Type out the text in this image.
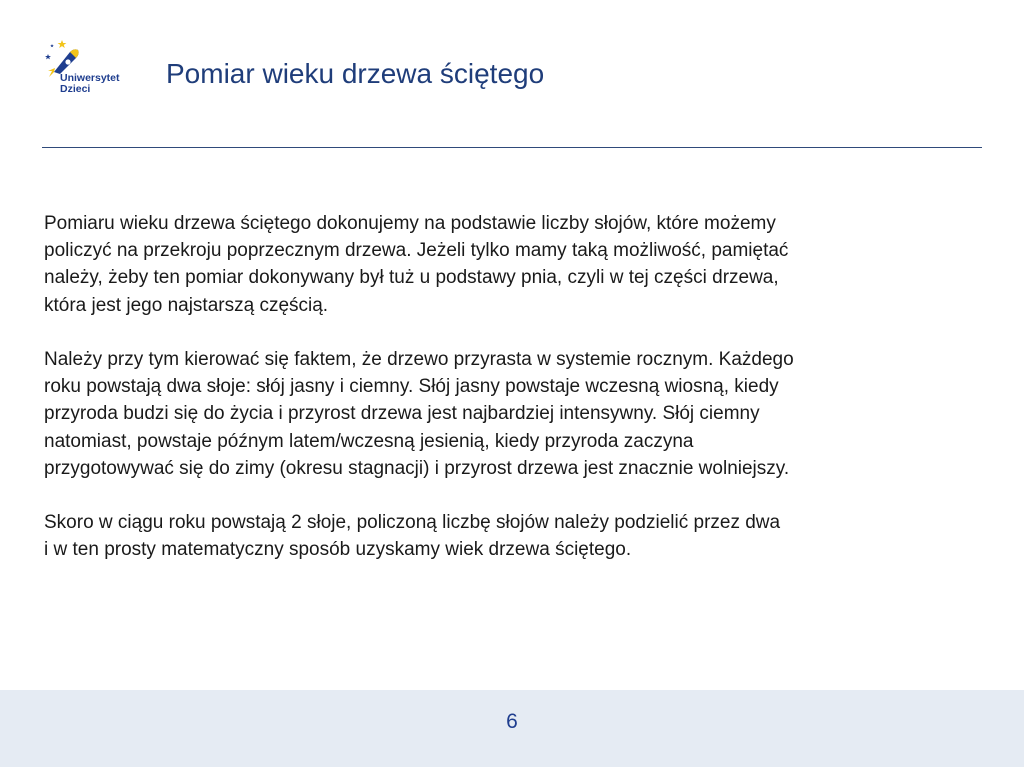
Uniwersytet
Dzieci	Pomiar wieku drzewa ściętego

Pomiaru wieku drzewa ściętego dokonujemy na podstawie liczby słojów, które możemy
policzyć na przekroju poprzecznym drzewa. Jeżeli tylko mamy taką możliwość, pamiętać
należy, żeby ten pomiar dokonywany był tuż u podstawy pnia, czyli w tej części drzewa,
która jest jego najstarszą częścią.

Należy przy tym kierować się faktem, że drzewo przyrasta w systemie rocznym. Każdego
roku powstają dwa słoje: słój jasny i ciemny. Słój jasny powstaje wczesną wiosną, kiedy
przyroda budzi się do życia i przyrost drzewa jest najbardziej intensywny. Słój ciemny
natomiast, powstaje późnym latem/wczesną jesienią, kiedy przyroda zaczyna
przygotowywać się do zimy (okresu stagnacji) i przyrost drzewa jest znacznie wolniejszy.

Skoro w ciągu roku powstają 2 słoje, policzoną liczbę słojów należy podzielić przez dwa
i w ten prosty matematyczny sposób uzyskamy wiek drzewa ściętego.

6
